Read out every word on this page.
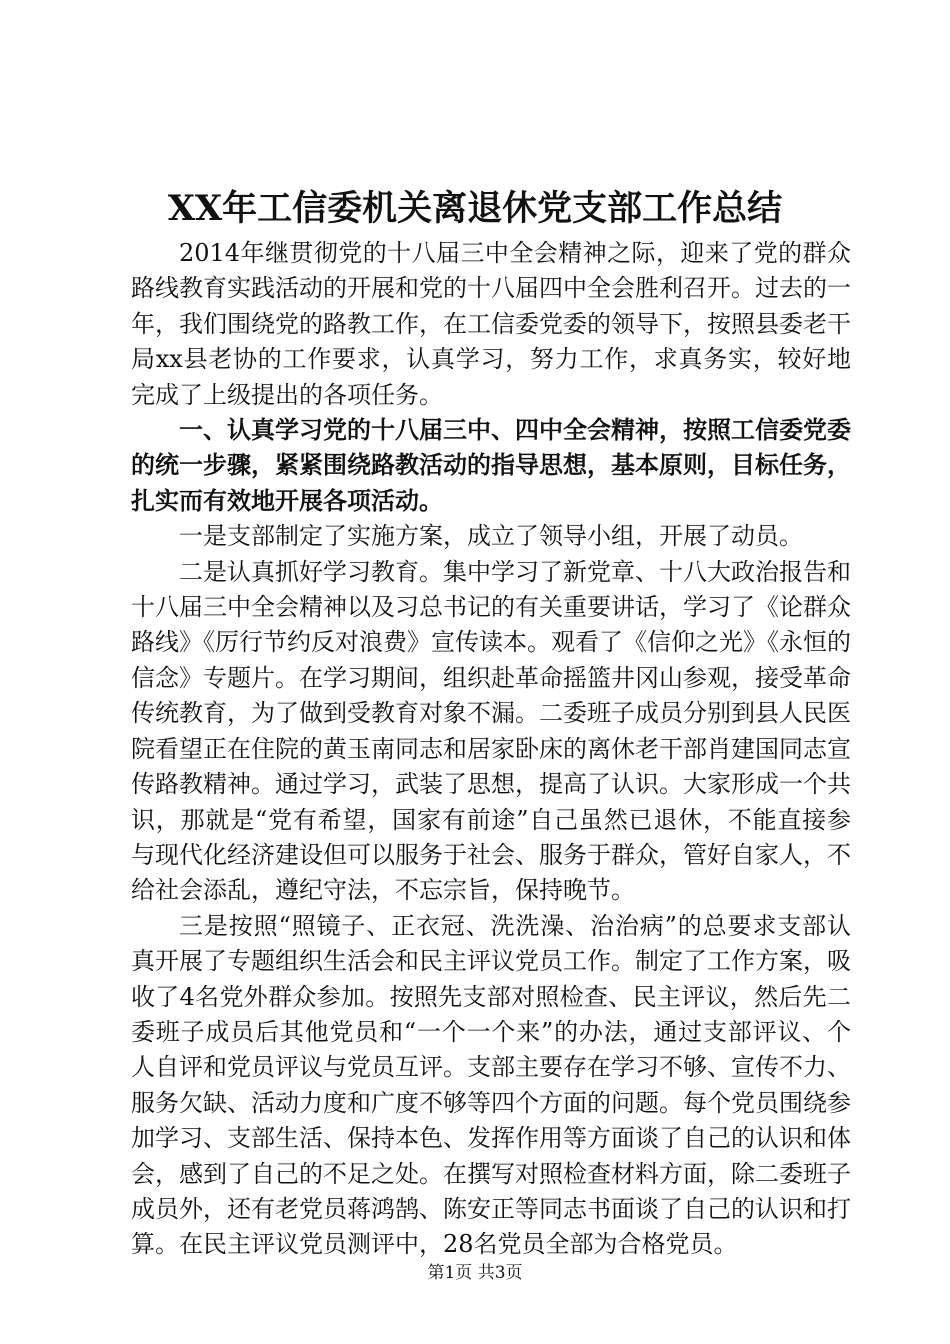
XX年工信委机关离退休党支部工作总结

2014年继贯彻党的十八届三中全会精神之际，迎来了党的群众路线教育实践活动的开展和党的十八届四中全会胜利召开。过去的一年，我们围绕党的路教工作，在工信委党委的领导下，按照县委老干局xx县老协的工作要求，认真学习，努力工作，求真务实，较好地完成了上级提出的各项任务。

一、认真学习党的十八届三中、四中全会精神，按照工信委党委的统一步骤，紧紧围绕路教活动的指导思想，基本原则，目标任务，扎实而有效地开展各项活动。

一是支部制定了实施方案，成立了领导小组，开展了动员。

二是认真抓好学习教育。集中学习了新党章、十八大政治报告和十八届三中全会精神以及习总书记的有关重要讲话，学习了《论群众路线》《厉行节约反对浪费》宣传读本。观看了《信仰之光》《永恒的信念》专题片。在学习期间，组织赴革命摇篮井冈山参观，接受革命传统教育，为了做到受教育对象不漏。二委班子成员分别到县人民医院看望正在住院的黄玉南同志和居家卧床的离休老干部肖建国同志宣传路教精神。通过学习，武装了思想，提高了认识。大家形成一个共识，那就是“党有希望，国家有前途”自己虽然已退休，不能直接参与现代化经济建设但可以服务于社会、服务于群众，管好自家人，不给社会添乱，遵纪守法，不忘宗旨，保持晚节。

三是按照“照镜子、正衣冠、洗洗澡、治治病”的总要求支部认真开展了专题组织生活会和民主评议党员工作。制定了工作方案，吸收了4名党外群众参加。按照先支部对照检查、民主评议，然后先二委班子成员后其他党员和“一个一个来”的办法，通过支部评议、个人自评和党员评议与党员互评。支部主要存在学习不够、宣传不力、服务欠缺、活动力度和广度不够等四个方面的问题。每个党员围绕参加学习、支部生活、保持本色、发挥作用等方面谈了自己的认识和体会，感到了自己的不足之处。在撰写对照检查材料方面，除二委班子成员外，还有老党员蒋鸿鹄、陈安正等同志书面谈了自己的认识和打算。在民主评议党员测评中，28名党员全部为合格党员。

第1页 共3页
